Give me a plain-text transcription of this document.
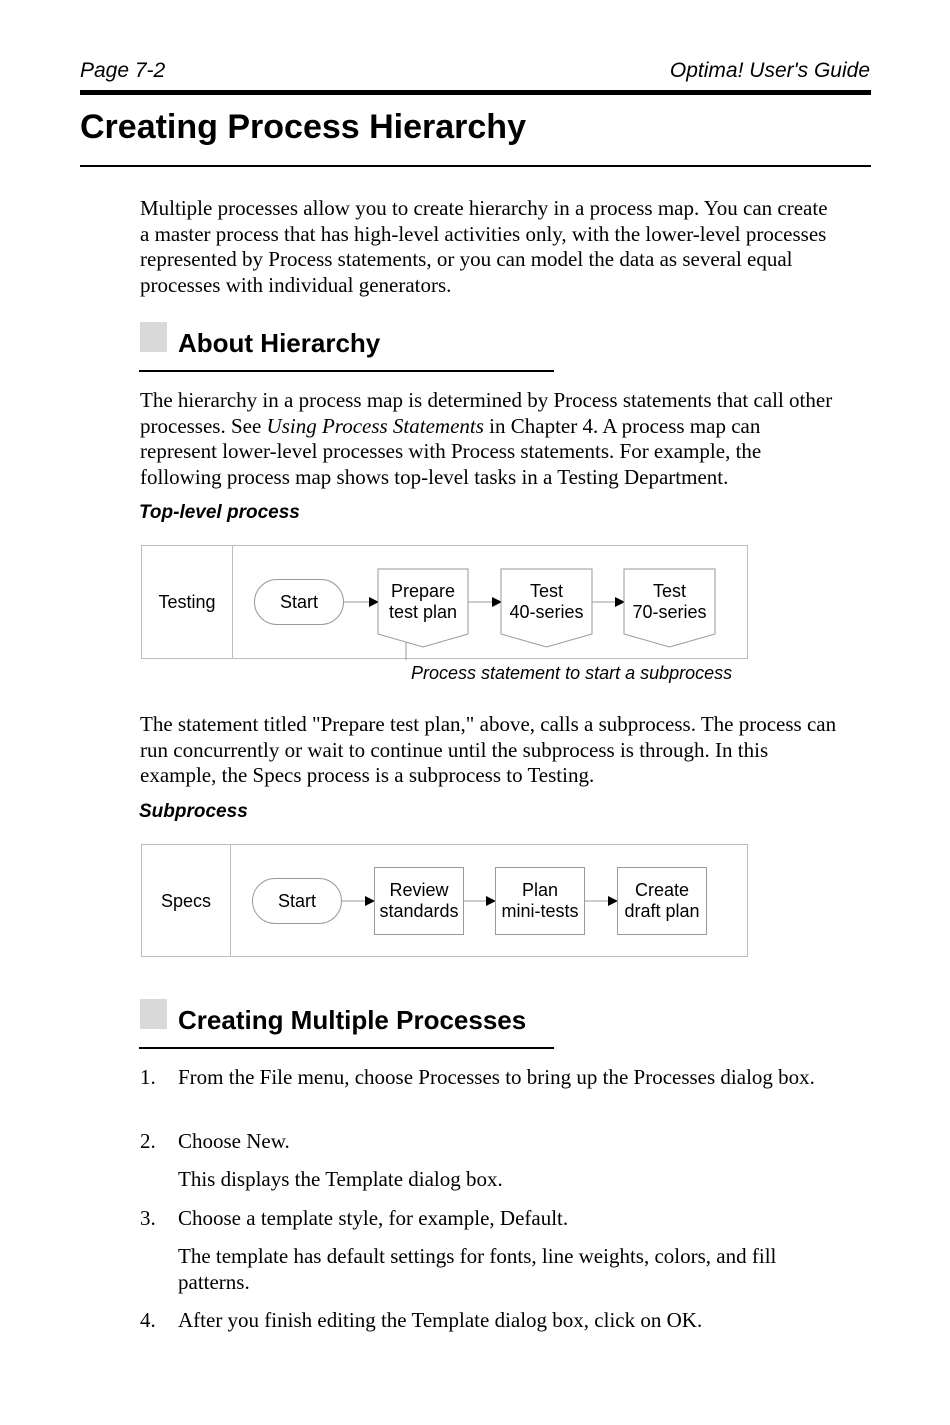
Page 7-2	Optima! User's Guide
Creating Process Hierarchy

Multiple processes allow you to create hierarchy in a process map. You can create a master process that has high-level activities only, with the lower-level processes represented by Process statements, or you can model the data as several equal processes with individual generators.

About Hierarchy

The hierarchy in a process map is determined by Process statements that call other processes. See Using Process Statements in Chapter 4. A process map can represent lower-level processes with Process statements. For example, the following process map shows top-level tasks in a Testing Department.

Top-level process
Testing	Start
Prepare
test plan
Test
40-series
Test
70-series
Process statement to start a subprocess

The statement titled "Prepare test plan," above, calls a subprocess. The process can run concurrently or wait to continue until the subprocess is through. In this example, the Specs process is a subprocess to Testing.

Subprocess
Specs	Start
Review
standards
Plan
mini-tests
Create
draft plan
Creating Multiple Processes
1. From the File menu, choose Processes to bring up the Processes dialog box.
2. Choose New.
This displays the Template dialog box.
3. Choose a template style, for example, Default.
The template has default settings for fonts, line weights, colors, and fill patterns.
4. After you finish editing the Template dialog box, click on OK.
